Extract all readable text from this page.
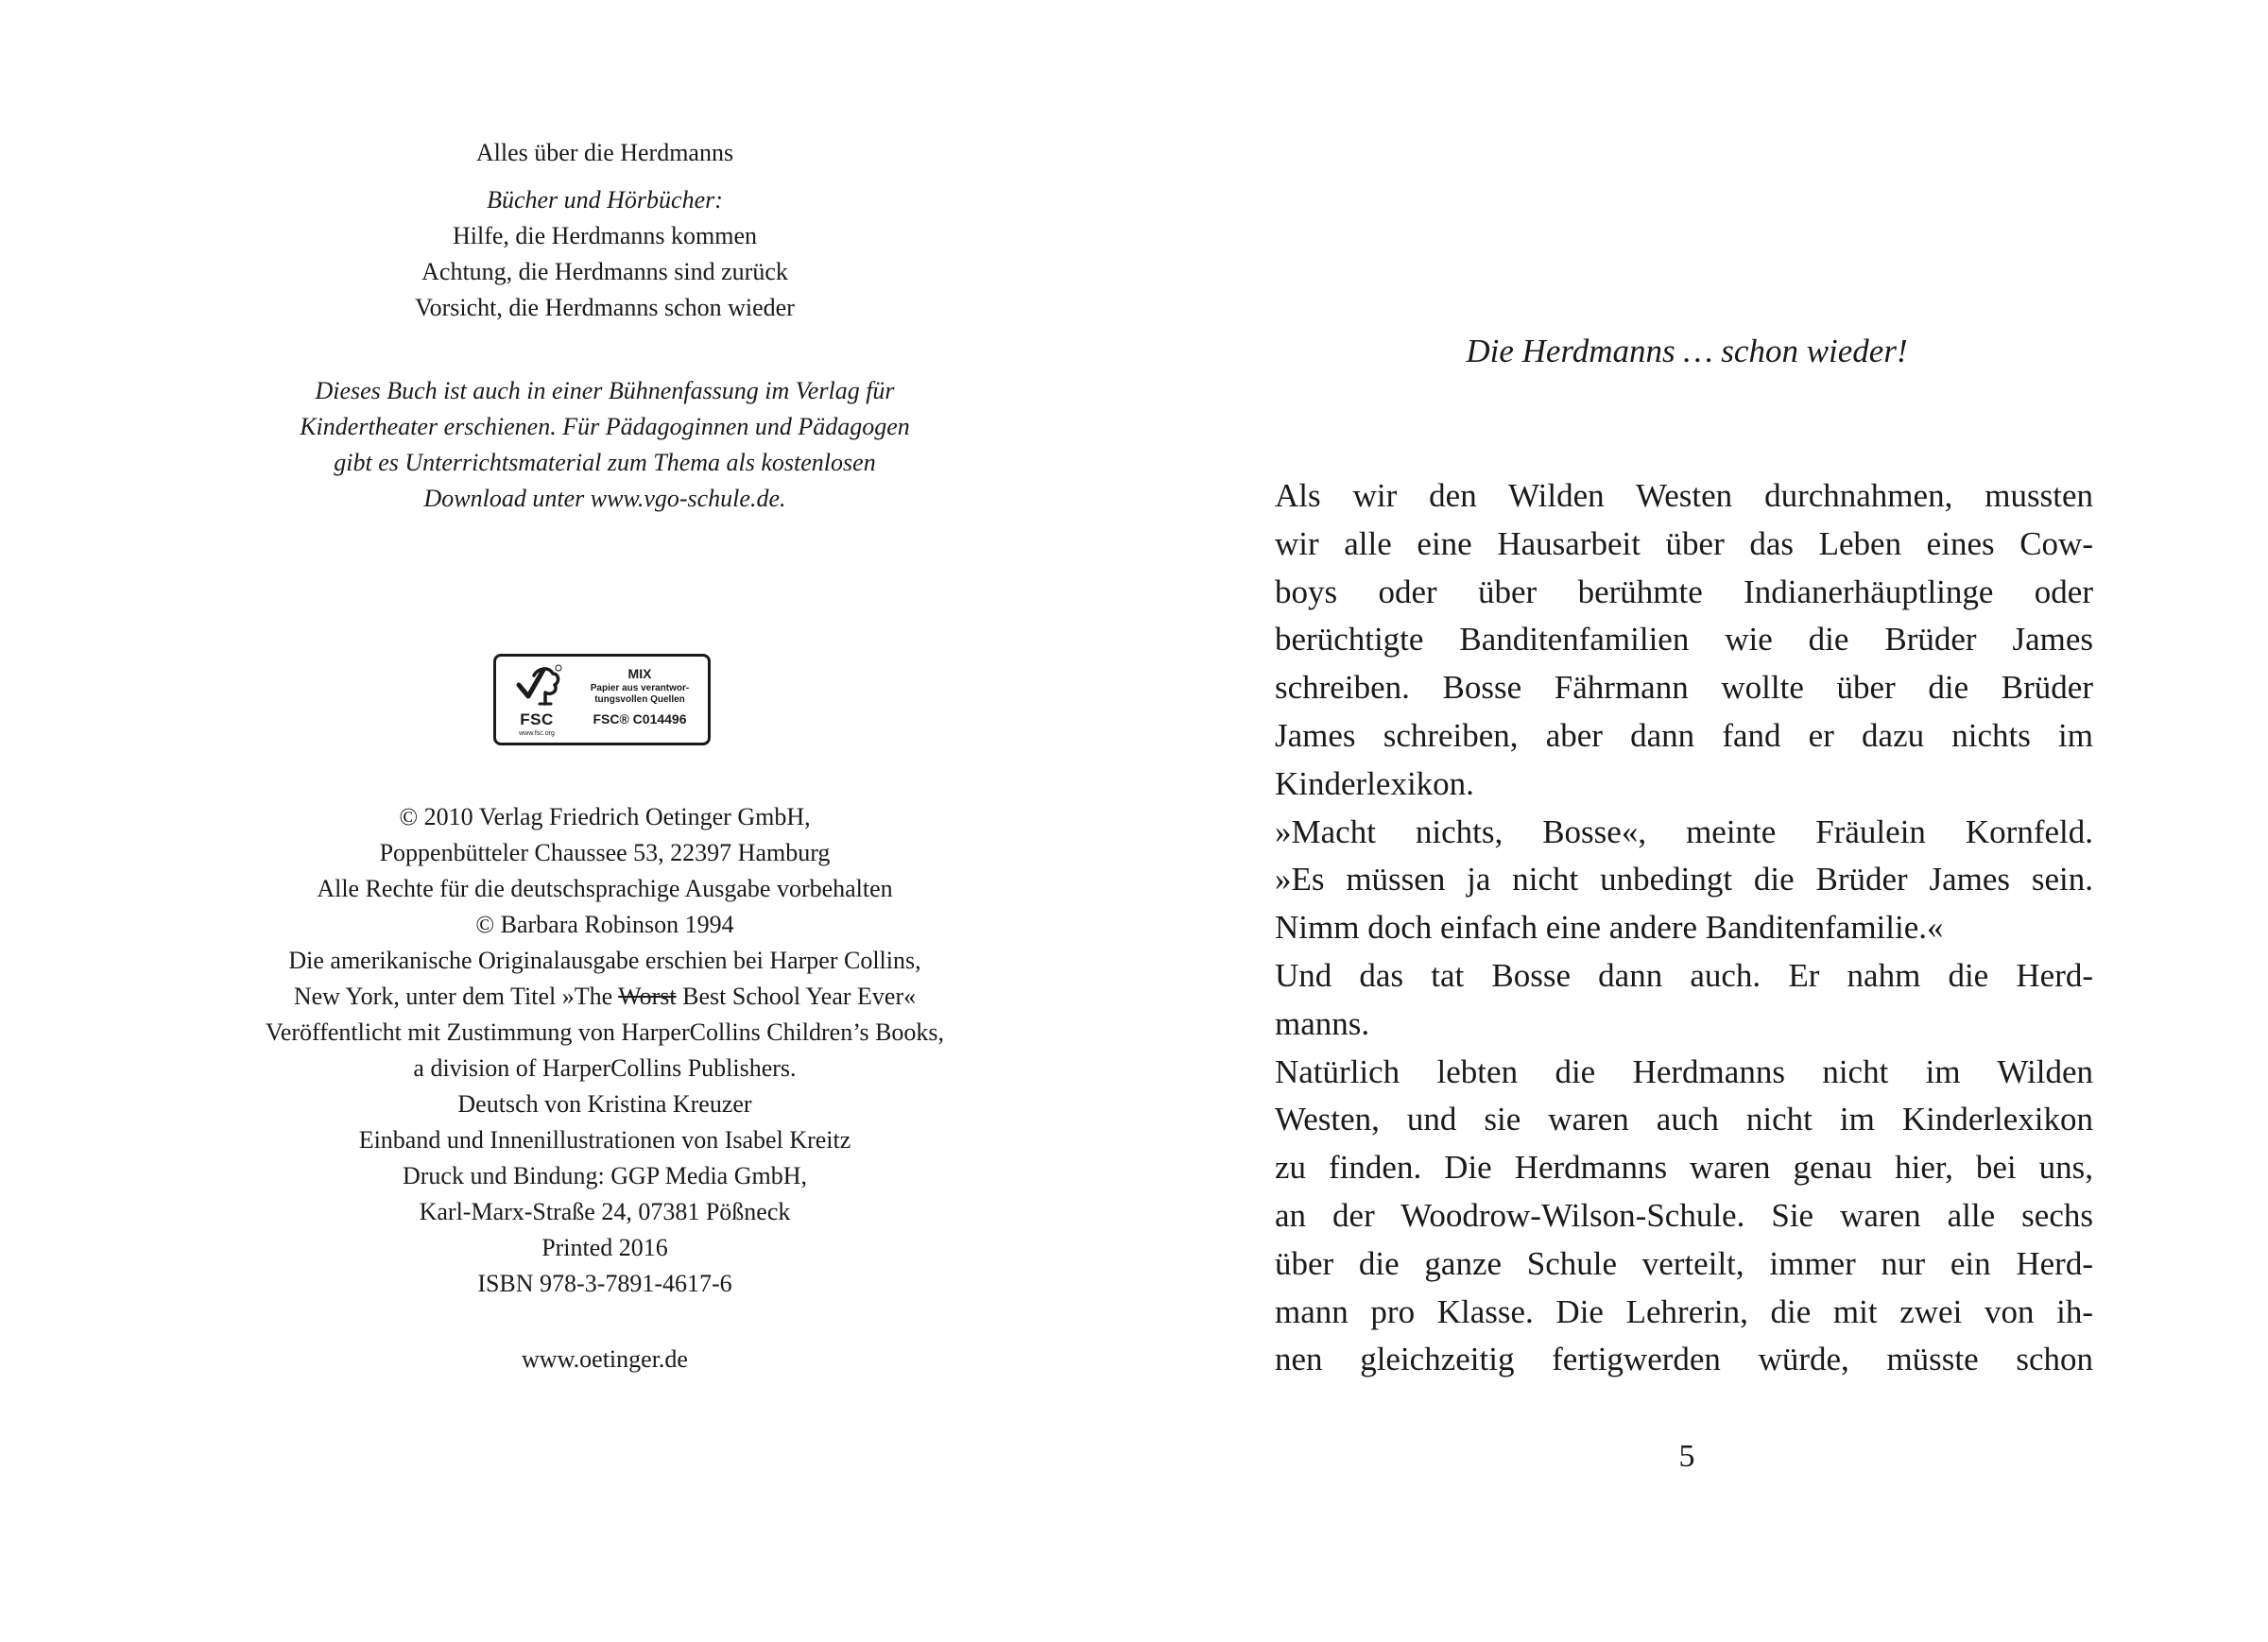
Alles über die Herdmanns
Bücher und Hörbücher:
Hilfe, die Herdmanns kommen
Achtung, die Herdmanns sind zurück
Vorsicht, die Herdmanns schon wieder
Dieses Buch ist auch in einer Bühnenfassung im Verlag für
Kindertheater erschienen. Für Pädagoginnen und Pädagogen
gibt es Unterrichtsmaterial zum Thema als kostenlosen
Download unter www.vgo-schule.de.
FSC
www.fsc.org
MIX
Papier aus verantwor-
tungsvollen Quellen
FSC® C014496
© 2010 Verlag Friedrich Oetinger GmbH,
Poppenbütteler Chaussee 53, 22397 Hamburg
Alle Rechte für die deutschsprachige Ausgabe vorbehalten
© Barbara Robinson 1994
Die amerikanische Originalausgabe erschien bei Harper Collins,
New York, unter dem Titel »The Worst Best School Year Ever«
Veröffentlicht mit Zustimmung von HarperCollins Children’s Books,
a division of HarperCollins Publishers.
Deutsch von Kristina Kreuzer
Einband und Innenillustrationen von Isabel Kreitz
Druck und Bindung: GGP Media GmbH,
Karl-Marx-Straße 24, 07381 Pößneck
Printed 2016
ISBN 978-3-7891-4617-6
www.oetinger.de
Die Herdmanns … schon wieder!
Als wir den Wilden Westen durchnahmen, mussten
wir alle eine Hausarbeit über das Leben eines Cow-
boys oder über berühmte Indianerhäuptlinge oder
berüchtigte Banditenfamilien wie die Brüder James
schreiben. Bosse Fährmann wollte über die Brüder
James schreiben, aber dann fand er dazu nichts im
Kinderlexikon.
»Macht nichts, Bosse«, meinte Fräulein Kornfeld.
»Es müssen ja nicht unbedingt die Brüder James sein.
Nimm doch einfach eine andere Banditenfamilie.«
Und das tat Bosse dann auch. Er nahm die Herd-
manns.
Natürlich lebten die Herdmanns nicht im Wilden
Westen, und sie waren auch nicht im Kinderlexikon
zu finden. Die Herdmanns waren genau hier, bei uns,
an der Woodrow-Wilson-Schule. Sie waren alle sechs
über die ganze Schule verteilt, immer nur ein Herd-
mann pro Klasse. Die Lehrerin, die mit zwei von ih-
nen gleichzeitig fertigwerden würde, müsste schon
5
